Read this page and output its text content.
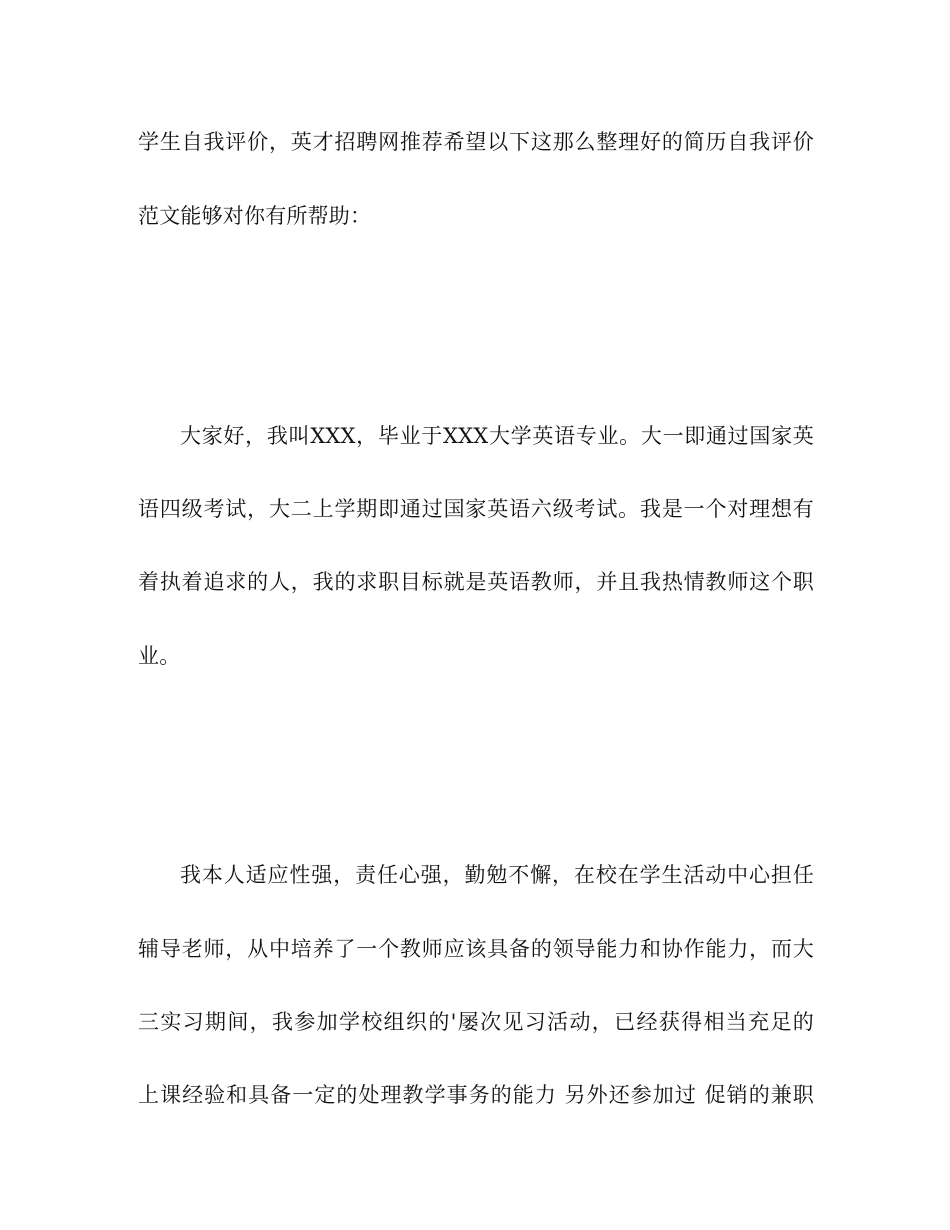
学生自我评价，英才招聘网推荐希望以下这那么整理好的简历自我评价
范文能够对你有所帮助：
大家好，我叫XXX，毕业于XXX大学英语专业。大一即通过国家英
语四级考试，大二上学期即通过国家英语六级考试。我是一个对理想有
着执着追求的人，我的求职目标就是英语教师，并且我热情教师这个职
业。
我本人适应性强，责任心强，勤勉不懈，在校在学生活动中心担任
辅导老师，从中培养了一个教师应该具备的领导能力和协作能力，而大
三实习期间，我参加学校组织的'屡次见习活动，已经获得相当充足的
上课经验和具备一定的处理教学事务的能力 另外还参加过 促销的兼职
